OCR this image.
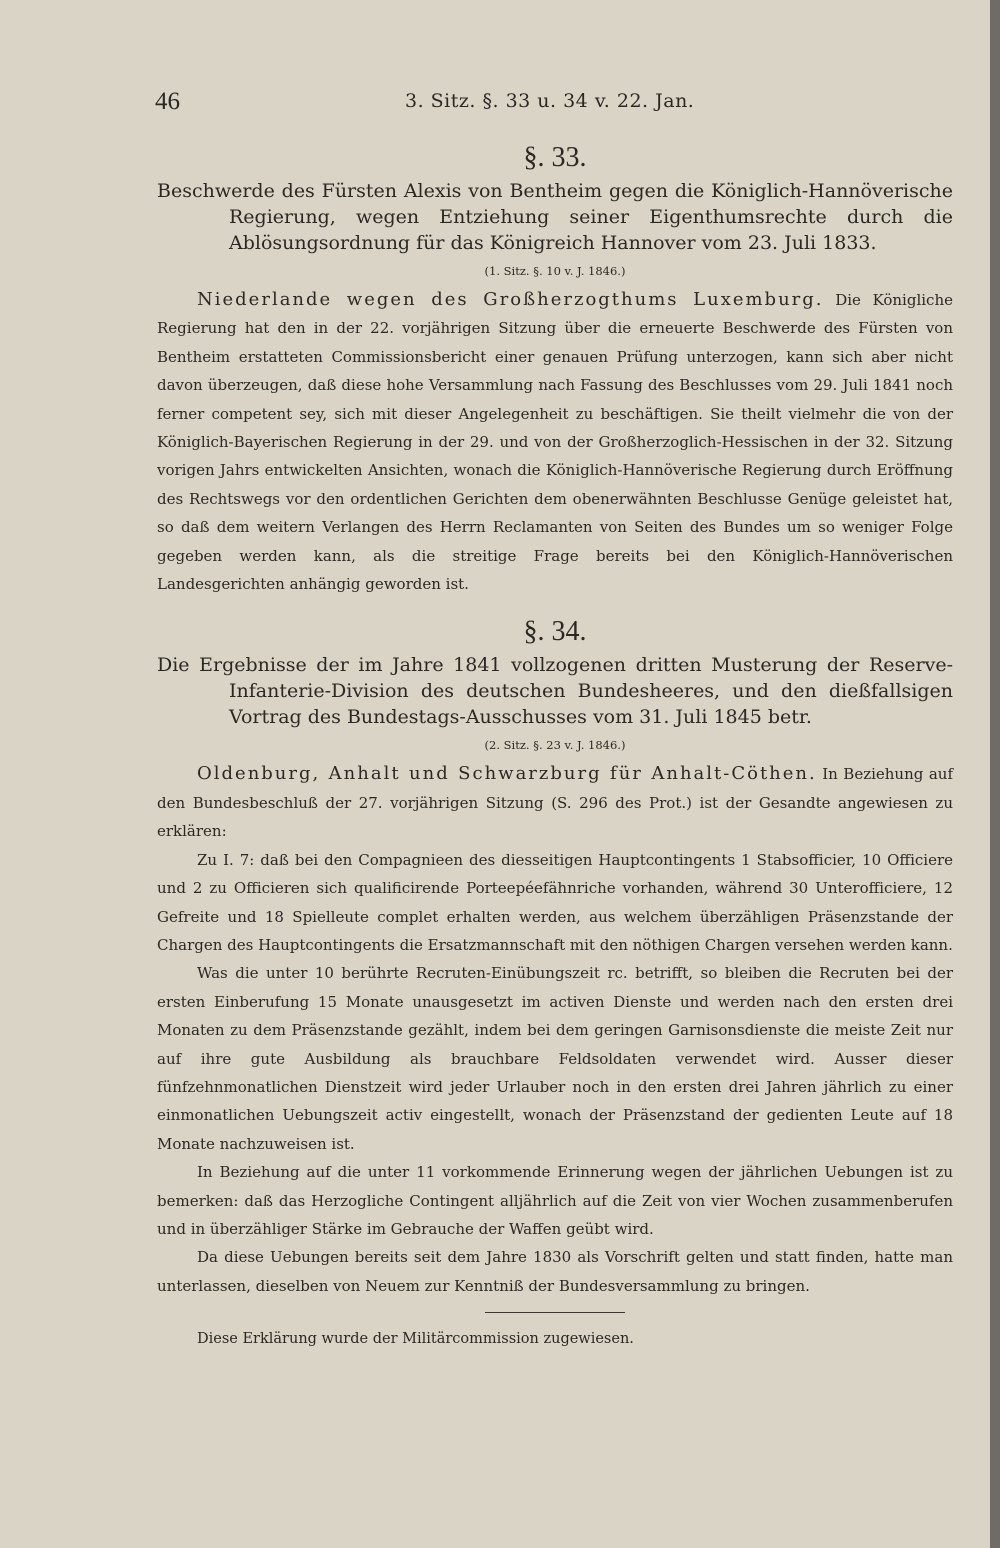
46	3. Sitz. §. 33 u. 34 v. 22. Jan.

§. 33.

Beschwerde des Fürsten Alexis von Bentheim gegen die Königlich-Hannöverische Regierung, wegen Entziehung seiner Eigenthumsrechte durch die Ablösungsordnung für das Königreich Hannover vom 23. Juli 1833.

(1. Sitz. §. 10 v. J. 1846.)

Niederlande wegen des Großherzogthums Luxemburg. Die Königliche Regierung hat den in der 22. vorjährigen Sitzung über die erneuerte Beschwerde des Fürsten von Bentheim erstatteten Commissionsbericht einer genauen Prüfung unterzogen, kann sich aber nicht davon überzeugen, daß diese hohe Versammlung nach Fassung des Beschlusses vom 29. Juli 1841 noch ferner competent sey, sich mit dieser Angelegenheit zu beschäftigen. Sie theilt vielmehr die von der Königlich-Bayerischen Regierung in der 29. und von der Großherzoglich-Hessischen in der 32. Sitzung vorigen Jahrs entwickelten Ansichten, wonach die Königlich-Hannöverische Regierung durch Eröffnung des Rechtswegs vor den ordentlichen Gerichten dem obenerwähnten Beschlusse Genüge geleistet hat, so daß dem weitern Verlangen des Herrn Reclamanten von Seiten des Bundes um so weniger Folge gegeben werden kann, als die streitige Frage bereits bei den Königlich-Hannöverischen Landesgerichten anhängig geworden ist.

§. 34.

Die Ergebnisse der im Jahre 1841 vollzogenen dritten Musterung der Reserve-Infanterie-Division des deutschen Bundesheeres, und den dießfallsigen Vortrag des Bundestags-Ausschusses vom 31. Juli 1845 betr.

(2. Sitz. §. 23 v. J. 1846.)

Oldenburg, Anhalt und Schwarzburg für Anhalt-Cöthen. In Beziehung auf den Bundesbeschluß der 27. vorjährigen Sitzung (S. 296 des Prot.) ist der Gesandte angewiesen zu erklären:

Zu I. 7: daß bei den Compagnieen des diesseitigen Hauptcontingents 1 Stabsofficier, 10 Officiere und 2 zu Officieren sich qualificirende Porteepéefähnriche vorhanden, während 30 Unterofficiere, 12 Gefreite und 18 Spielleute complet erhalten werden, aus welchem überzähligen Präsenzstande der Chargen des Hauptcontingents die Ersatzmannschaft mit den nöthigen Chargen versehen werden kann.

Was die unter 10 berührte Recruten-Einübungszeit rc. betrifft, so bleiben die Recruten bei der ersten Einberufung 15 Monate unausgesetzt im activen Dienste und werden nach den ersten drei Monaten zu dem Präsenzstande gezählt, indem bei dem geringen Garnisonsdienste die meiste Zeit nur auf ihre gute Ausbildung als brauchbare Feldsoldaten verwendet wird. Ausser dieser fünfzehnmonatlichen Dienstzeit wird jeder Urlauber noch in den ersten drei Jahren jährlich zu einer einmonatlichen Uebungszeit activ eingestellt, wonach der Präsenzstand der gedienten Leute auf 18 Monate nachzuweisen ist.

In Beziehung auf die unter 11 vorkommende Erinnerung wegen der jährlichen Uebungen ist zu bemerken: daß das Herzogliche Contingent alljährlich auf die Zeit von vier Wochen zusammenberufen und in überzähliger Stärke im Gebrauche der Waffen geübt wird.

Da diese Uebungen bereits seit dem Jahre 1830 als Vorschrift gelten und statt finden, hatte man unterlassen, dieselben von Neuem zur Kenntniß der Bundesversammlung zu bringen.

Diese Erklärung wurde der Militärcommission zugewiesen.
